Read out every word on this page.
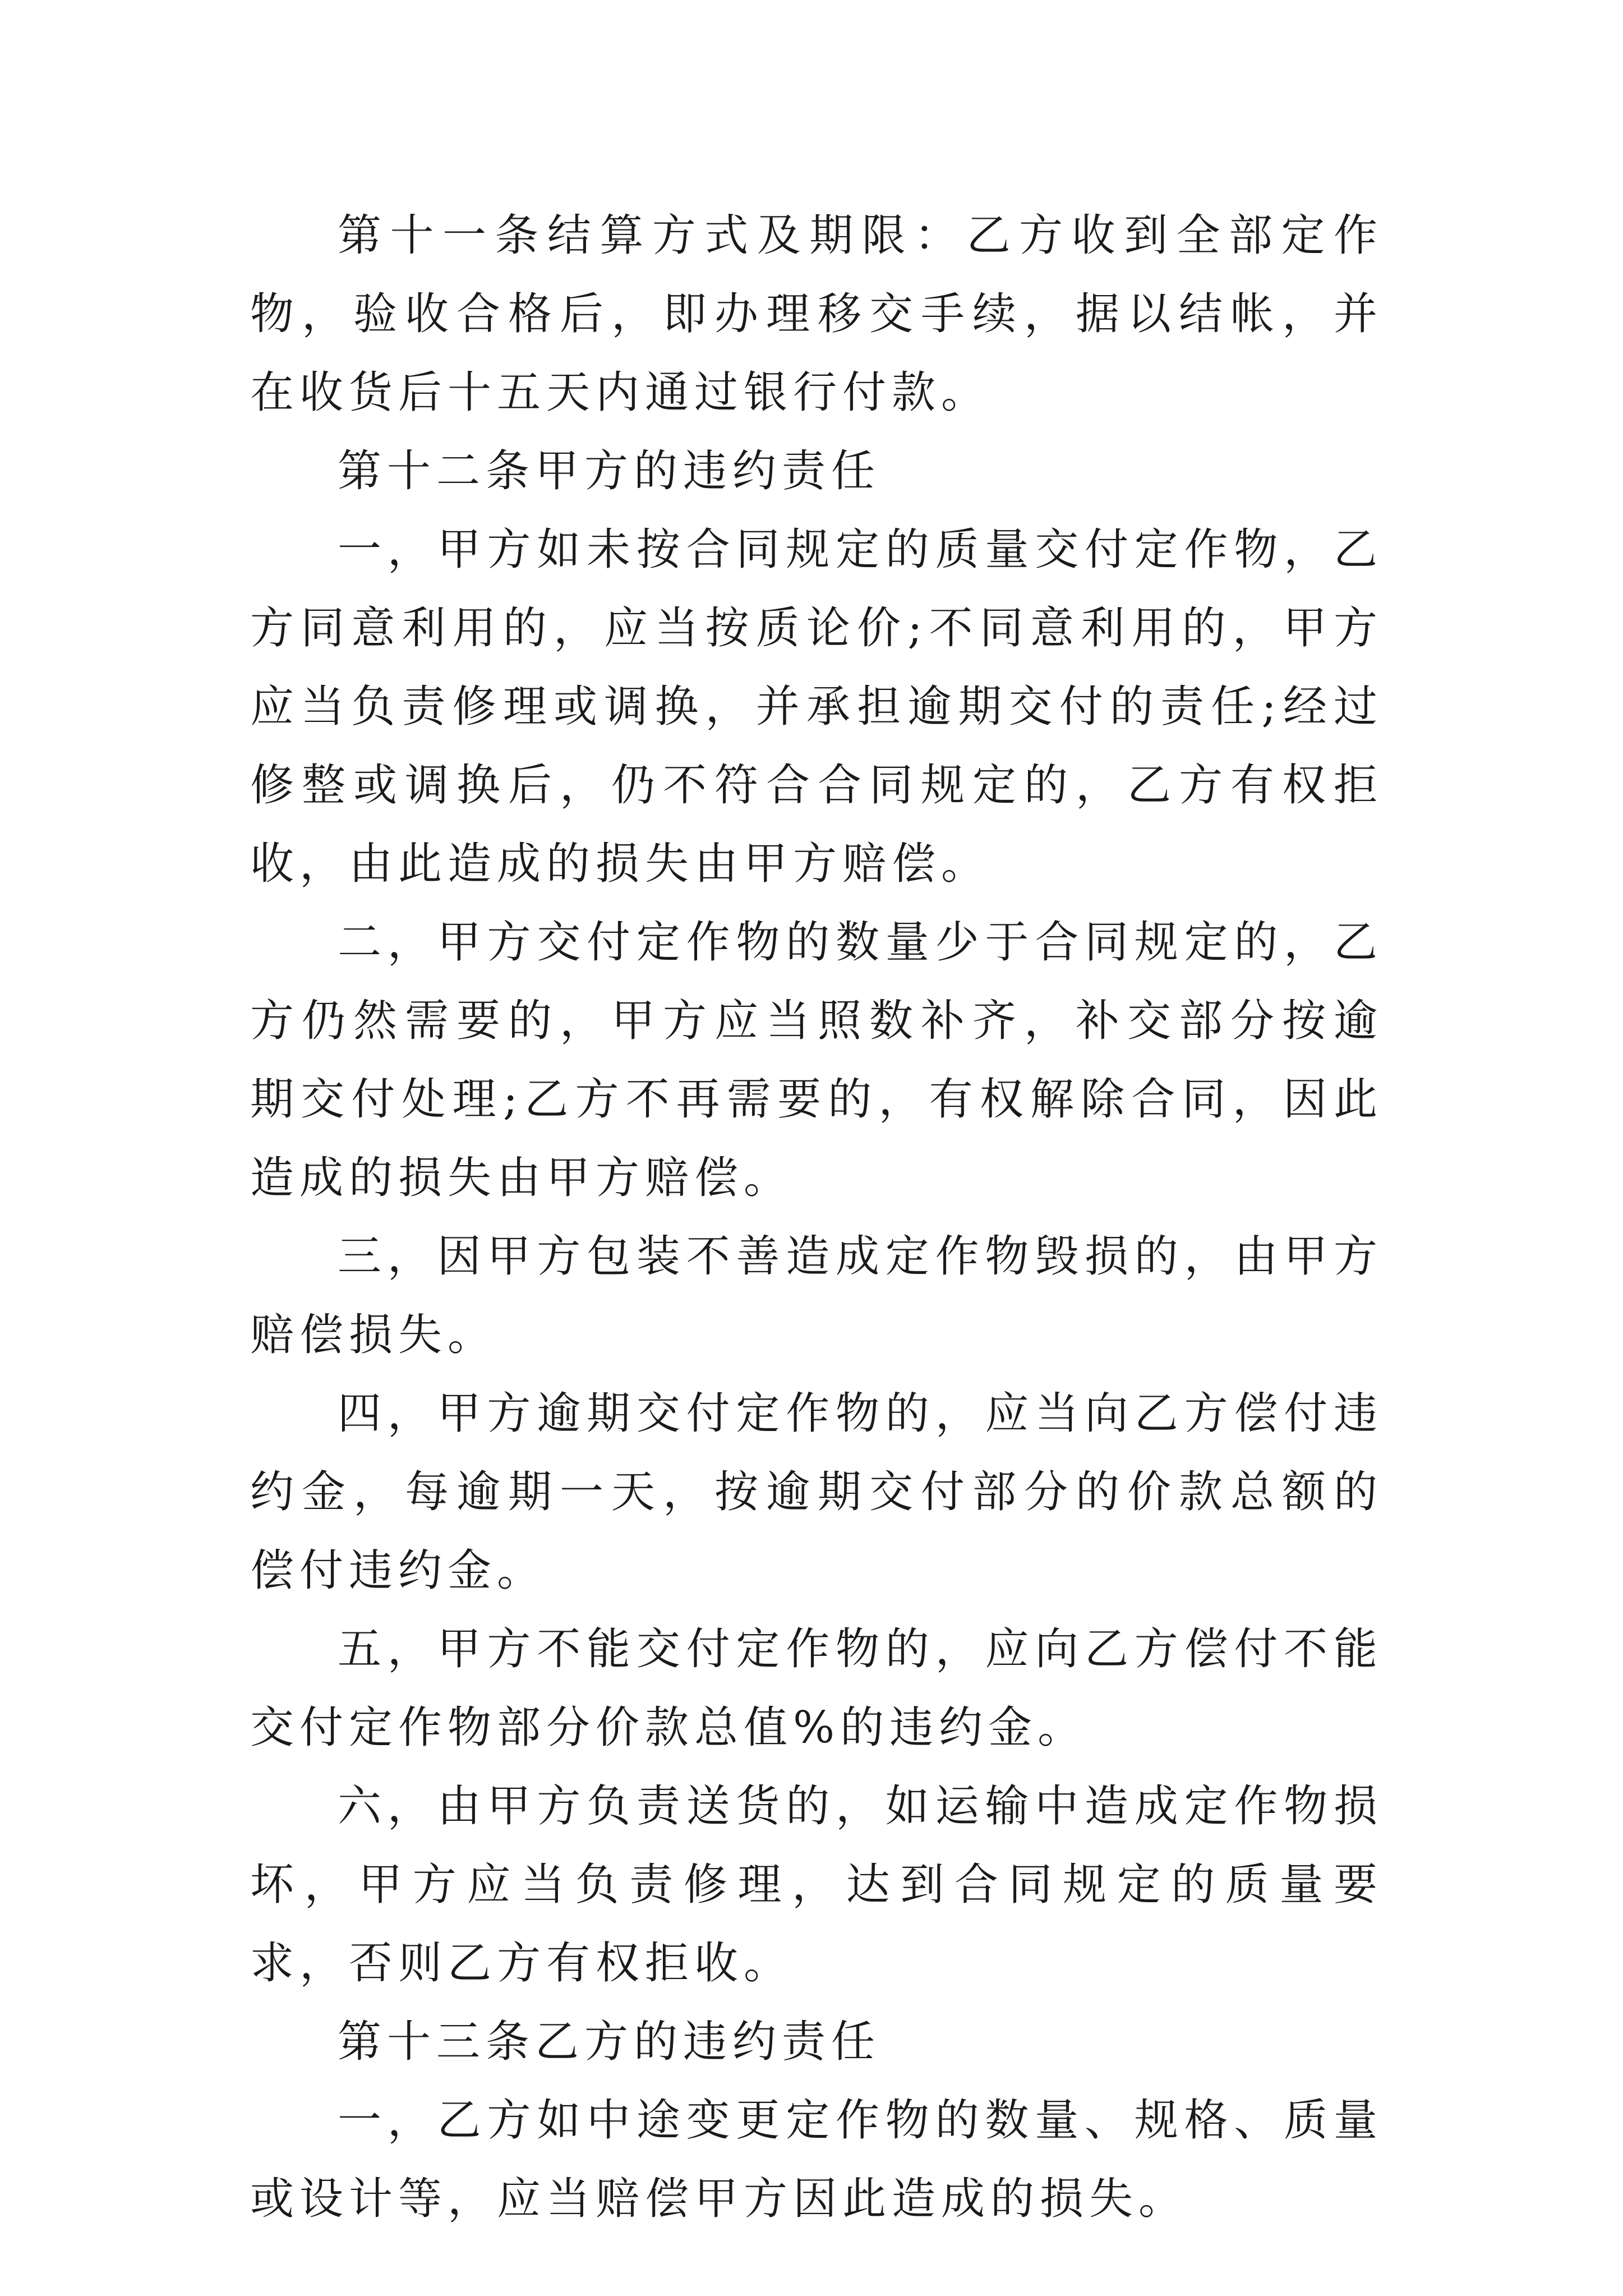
第十一条结算方式及期限：乙方收到全部定作物，验收合格后，即办理移交手续，据以结帐，并在收货后十五天内通过银行付款。

第十二条甲方的违约责任

一，甲方如未按合同规定的质量交付定作物，乙方同意利用的，应当按质论价;不同意利用的，甲方应当负责修理或调换，并承担逾期交付的责任;经过修整或调换后，仍不符合合同规定的，乙方有权拒收，由此造成的损失由甲方赔偿。

二，甲方交付定作物的数量少于合同规定的，乙方仍然需要的，甲方应当照数补齐，补交部分按逾期交付处理;乙方不再需要的，有权解除合同，因此造成的损失由甲方赔偿。

三，因甲方包装不善造成定作物毁损的，由甲方赔偿损失。

四，甲方逾期交付定作物的，应当向乙方偿付违约金，每逾期一天，按逾期交付部分的价款总额的偿付违约金。

五，甲方不能交付定作物的，应向乙方偿付不能交付定作物部分价款总值%的违约金。

六，由甲方负责送货的，如运输中造成定作物损坏，甲方应当负责修理，达到合同规定的质量要求，否则乙方有权拒收。

第十三条乙方的违约责任

一，乙方如中途变更定作物的数量、规格、质量或设计等，应当赔偿甲方因此造成的损失。
